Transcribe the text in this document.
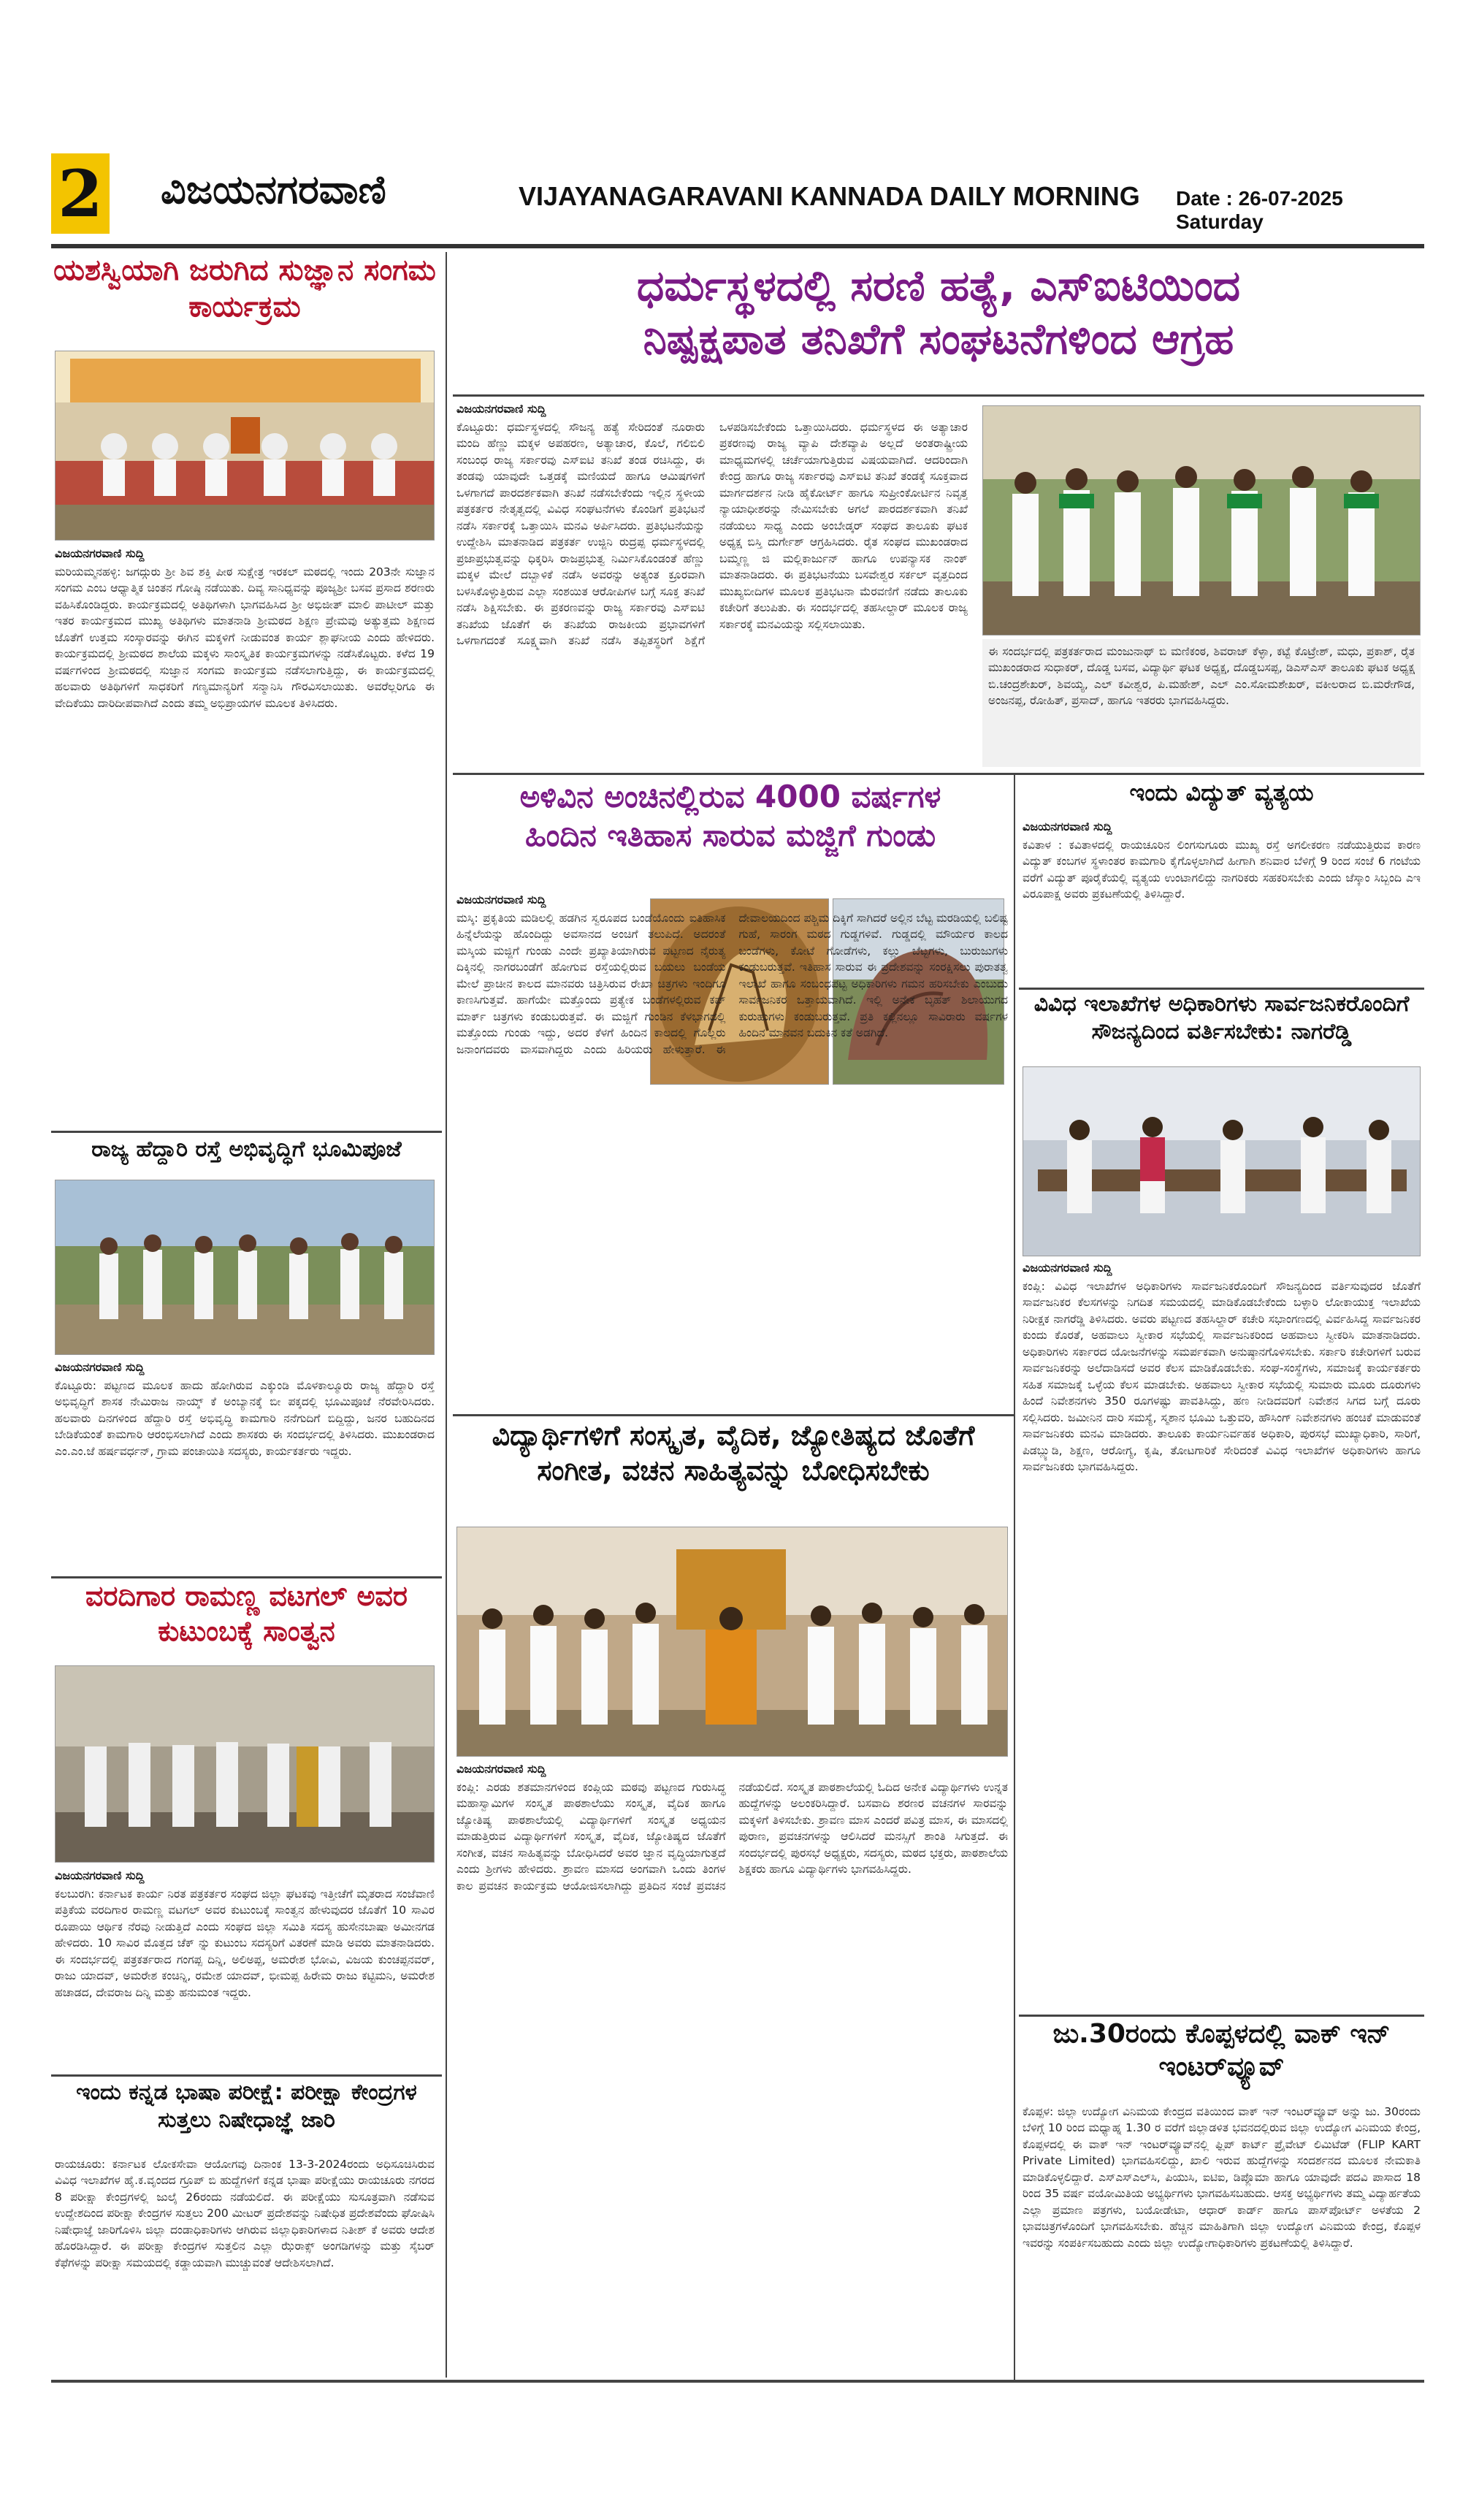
2 ವಿಜಯನಗರವಾಣಿ	VIJAYANAGARAVANI KANNADA DAILY MORNING Date : 26-07-2025 Saturday
ಧರ್ಮಸ್ಥಳದಲ್ಲಿ ಸರಣಿ ಹತ್ಯೆ, ಎಸ್‌ಐಟಿಯಿಂದ
ನಿಷ್ಪಕ್ಷಪಾತ ತನಿಖೆಗೆ ಸಂಘಟನೆಗಳಿಂದ ಆಗ್ರಹ
ಯಶಸ್ವಿಯಾಗಿ ಜರುಗಿದ ಸುಜ್ಞಾನ ಸಂಗಮ ಕಾರ್ಯಕ್ರಮ
ವಿಜಯನಗರವಾಣಿ ಸುದ್ದಿ
ಮರಿಯಮ್ಮನಹಳ್ಳಿ: ಜಗದ್ಗುರು ಶ್ರೀ ಶಿವ ಶಕ್ತಿ ಪೀಠ ಸುಕ್ಷೇತ್ರ ಇರಕಲ್ ಮಠದಲ್ಲಿ ಇಂದು 203ನೇ ಸುಜ್ಞಾನ ಸಂಗಮ ಎಂಬ ಆಧ್ಯಾತ್ಮಿಕ ಚಿಂತನ ಗೋಷ್ಠಿ ನಡೆಯಿತು. ದಿವ್ಯ ಸಾನಿಧ್ಯವನ್ನು ಪೂಜ್ಯಶ್ರೀ ಬಸವ ಪ್ರಸಾದ ಶರಣರು ವಹಿಸಿಕೊಂಡಿದ್ದರು. ಕಾರ್ಯಕ್ರಮದಲ್ಲಿ ಅತಿಥಿಗಳಾಗಿ ಭಾಗವಹಿಸಿದ ಶ್ರೀ ಅಭಿಜೀತ್ ಮಾಲಿ ಪಾಟೀಲ್ ಮತ್ತು ಇತರ ಕಾರ್ಯಕ್ರಮದ ಮುಖ್ಯ ಅತಿಥಿಗಳು ಮಾತನಾಡಿ ಶ್ರೀಮಠದ ಶಿಕ್ಷಣ ಪ್ರೇಮವು ಅತ್ಯುತ್ತಮ ಶಿಕ್ಷಣದ ಜೊತೆಗೆ ಉತ್ತಮ ಸಂಸ್ಕಾರವನ್ನು ಈಗಿನ ಮಕ್ಕಳಿಗೆ ನೀಡುವಂತ ಕಾರ್ಯ ಶ್ಲಾಘನೀಯ ಎಂದು ಹೇಳಿದರು. ಕಾರ್ಯಕ್ರಮದಲ್ಲಿ ಶ್ರೀಮಠದ ಶಾಲೆಯ ಮಕ್ಕಳು ಸಾಂಸ್ಕೃತಿಕ ಕಾರ್ಯಕ್ರಮಗಳನ್ನು ನಡೆಸಿಕೊಟ್ಟರು. ಕಳೆದ 19 ವರ್ಷಗಳಿಂದ ಶ್ರೀಮಠದಲ್ಲಿ ಸುಜ್ಞಾನ ಸಂಗಮ ಕಾರ್ಯಕ್ರಮ ನಡೆಸಲಾಗುತ್ತಿದ್ದು, ಈ ಕಾರ್ಯಕ್ರಮದಲ್ಲಿ ಹಲವಾರು ಅತಿಥಿಗಳಿಗೆ ಸಾಧಕರಿಗೆ ಗಣ್ಯಮಾನ್ಯರಿಗೆ ಸನ್ಮಾನಿಸಿ ಗೌರವಿಸಲಾಯಿತು. ಅವರೆಲ್ಲರಿಗೂ ಈ ವೇದಿಕೆಯು ದಾರಿದೀಪವಾಗಿದೆ ಎಂದು ತಮ್ಮ ಅಭಿಪ್ರಾಯಗಳ ಮೂಲಕ ತಿಳಿಸಿದರು.
ರಾಜ್ಯ ಹೆದ್ದಾರಿ ರಸ್ತೆ ಅಭಿವೃದ್ಧಿಗೆ ಭೂಮಿಪೂಜೆ
ವಿಜಯನಗರವಾಣಿ ಸುದ್ದಿ
ಕೊಟ್ಟೂರು: ಪಟ್ಟಣದ ಮೂಲಕ ಹಾದು ಹೋಗಿರುವ ಎಕ್ಕುಂಡಿ ಮೊಳಕಾಲ್ಮೂರು ರಾಜ್ಯ ಹೆದ್ದಾರಿ ರಸ್ತೆ ಅಭಿವೃದ್ಧಿಗೆ ಶಾಸಕ ನೇಮಿರಾಜ ನಾಯ್ಕ್ ಕೆ ಅಂಬ್ಯಾನಕ್ಕೆ ಬೀ ಪಕ್ಕದಲ್ಲಿ ಭೂಮಿಪೂಜೆ ನೆರವೇರಿಸಿದರು. ಹಲವಾರು ದಿನಗಳಿಂದ ಹೆದ್ದಾರಿ ರಸ್ತೆ ಅಭಿವೃದ್ಧಿ ಕಾಮಗಾರಿ ನನೆಗುದಿಗೆ ಬಿದ್ದಿದ್ದು, ಜನರ ಬಹುದಿನದ ಬೇಡಿಕೆಯಂತೆ ಕಾಮಗಾರಿ ಆರಂಭಿಸಲಾಗಿದೆ ಎಂದು ಶಾಸಕರು ಈ ಸಂದರ್ಭದಲ್ಲಿ ತಿಳಿಸಿದರು. ಮುಖಂಡರಾದ ಎಂ.ಎಂ.ಜೆ ಹರ್ಷವರ್ಧನ್, ಗ್ರಾಮ ಪಂಚಾಯಿತಿ ಸದಸ್ಯರು, ಕಾರ್ಯಕರ್ತರು ಇದ್ದರು.
ವರದಿಗಾರ ರಾಮಣ್ಣ ವಟಗಲ್ ಅವರ ಕುಟುಂಬಕ್ಕೆ ಸಾಂತ್ವನ
ವಿಜಯನಗರವಾಣಿ ಸುದ್ದಿ
ಕಲಬುರಗಿ: ಕರ್ನಾಟಕ ಕಾರ್ಯ ನಿರತ ಪತ್ರಕರ್ತರ ಸಂಘದ ಜಿಲ್ಲಾ ಘಟಕವು ಇತ್ತೀಚೆಗೆ ಮೃತರಾದ ಸಂಜೆವಾಣಿ ಪತ್ರಿಕೆಯ ವರದಿಗಾರ ರಾಮಣ್ಣ ವಟಗಲ್ ಅವರ ಕುಟುಂಬಕ್ಕೆ ಸಾಂತ್ವನ ಹೇಳುವುದರ ಜೊತೆಗೆ 10 ಸಾವಿರ ರೂಪಾಯಿ ಆರ್ಥಿಕ ನೆರವು ನೀಡುತ್ತಿದೆ ಎಂದು ಸಂಘದ ಜಿಲ್ಲಾ ಸಮಿತಿ ಸದಸ್ಯ ಹುಸೇನಬಾಷಾ ಅಮೀನಗಡ ಹೇಳಿದರು. 10 ಸಾವಿರ ಮೊತ್ತದ ಚೆಕ್ ನ್ನು ಕುಟುಂಬ ಸದಸ್ಯರಿಗೆ ವಿತರಣೆ ಮಾಡಿ ಅವರು ಮಾತನಾಡಿದರು. ಈ ಸಂದರ್ಭದಲ್ಲಿ ಪತ್ರಕರ್ತರಾದ ಗಂಗಪ್ಪ ದಿನ್ನಿ, ಅಲಿಅಪ್ಪ, ಅಮರೇಶ ಭೋವಿ, ವಿಜಯ ಕುಂಚಪ್ಪನವರ್, ರಾಜು ಯಾದವ್, ಅಮರೇಶ ಕಂಚಿನ್ನಿ, ರಮೇಶ ಯಾದವ್, ಭೀಮಪ್ಪ ಹಿರೇಮ ರಾಜು ಕಟ್ಟಿಮನಿ, ಅಮರೇಶ ಹಚಾಡದ, ದೇವರಾಜ ದಿನ್ನಿ ಮತ್ತು ಹನುಮಂತ ಇದ್ದರು.
ಇಂದು ಕನ್ನಡ ಭಾಷಾ ಪರೀಕ್ಷೆ: ಪರೀಕ್ಷಾ ಕೇಂದ್ರಗಳ ಸುತ್ತಲು ನಿಷೇಧಾಜ್ಞೆ ಜಾರಿ
ರಾಯಚೂರು: ಕರ್ನಾಟಕ ಲೋಕಸೇವಾ ಆಯೋಗವು ದಿನಾಂಕ 13-3-2024ರಂದು ಅಧಿಸೂಚಿಸಿರುವ ವಿವಿಧ ಇಲಾಖೆಗಳ ಹೈ.ಕ.ವೃಂದದ ಗ್ರೂಪ್ ಬಿ ಹುದ್ದೆಗಳಿಗೆ ಕನ್ನಡ ಭಾಷಾ ಪರೀಕ್ಷೆಯು ರಾಯಚೂರು ನಗರದ 8 ಪರೀಕ್ಷಾ ಕೇಂದ್ರಗಳಲ್ಲಿ ಜುಲೈ 26ರಂದು ನಡೆಯಲಿದೆ. ಈ ಪರೀಕ್ಷೆಯು ಸುಸೂತ್ರವಾಗಿ ನಡೆಸುವ ಉದ್ದೇಶದಿಂದ ಪರೀಕ್ಷಾ ಕೇಂದ್ರಗಳ ಸುತ್ತಲು 200 ಮೀಟರ್ ಪ್ರದೇಶವನ್ನು ನಿಷೇಧಿತ ಪ್ರದೇಶವೆಂದು ಘೋಷಿಸಿ ನಿಷೇಧಾಜ್ಞೆ ಜಾರಿಗೊಳಿಸಿ ಜಿಲ್ಲಾ ದಂಡಾಧಿಕಾರಿಗಳು ಆಗಿರುವ ಜಿಲ್ಲಾಧಿಕಾರಿಗಳಾದ ನಿತೀಶ್ ಕೆ ಅವರು ಆದೇಶ ಹೊರಡಿಸಿದ್ದಾರೆ. ಈ ಪರೀಕ್ಷಾ ಕೇಂದ್ರಗಳ ಸುತ್ತಲಿನ ಎಲ್ಲಾ ಝೆರಾಕ್ಸ್ ಅಂಗಡಿಗಳನ್ನು ಮತ್ತು ಸೈಬರ್ ಕೆಫೆಗಳನ್ನು ಪರೀಕ್ಷಾ ಸಮಯದಲ್ಲಿ ಕಡ್ಡಾಯವಾಗಿ ಮುಚ್ಚುವಂತೆ ಆದೇಶಿಸಲಾಗಿದೆ.
ವಿಜಯನಗರವಾಣಿ ಸುದ್ದಿ
ಕೊಟ್ಟೂರು: ಧರ್ಮಸ್ಥಳದಲ್ಲಿ ಸೌಜನ್ಯ ಹತ್ಯೆ ಸೇರಿದಂತೆ ನೂರಾರು ಮಂದಿ ಹೆಣ್ಣು ಮಕ್ಕಳ ಅಪಹರಣ, ಅತ್ಯಾಚಾರ, ಕೊಲೆ, ಗಲಿಬಿಲಿ ಸಂಬಂಧ ರಾಜ್ಯ ಸರ್ಕಾರವು ಎಸ್‌ಐಟಿ ತನಿಖೆ ತಂಡ ರಚಿಸಿದ್ದು, ಈ ತಂಡವು ಯಾವುದೇ ಒತ್ತಡಕ್ಕೆ ಮಣಿಯದೆ ಹಾಗೂ ಆಮಿಷಗಳಿಗೆ ಒಳಗಾಗದೆ ಪಾರದರ್ಶಕವಾಗಿ ತನಿಖೆ ನಡೆಸಬೇಕೆಂದು ಇಲ್ಲಿನ ಸ್ಥಳೀಯ ಪತ್ರಕರ್ತರ ನೇತೃತ್ವದಲ್ಲಿ ವಿವಿಧ ಸಂಘಟನೆಗಳು ಕೊಂಡಿಗೆ ಪ್ರತಿಭಟನೆ ನಡೆಸಿ ಸರ್ಕಾರಕ್ಕೆ ಒತ್ತಾಯಿಸಿ ಮನವಿ ಅರ್ಪಿಸಿದರು. ಪ್ರತಿಭಟನೆಯನ್ನು ಉದ್ದೇಶಿಸಿ ಮಾತನಾಡಿದ ಪತ್ರಕರ್ತ ಉಜ್ಜಿನಿ ರುದ್ರಪ್ಪ ಧರ್ಮಸ್ಥಳದಲ್ಲಿ ಪ್ರಜಾಪ್ರಭುತ್ವವನ್ನು ಧಿಕ್ಕರಿಸಿ ರಾಜಪ್ರಭುತ್ವ ನಿರ್ಮಿಸಿಕೊಂಡಂತೆ ಹೆಣ್ಣು ಮಕ್ಕಳ ಮೇಲೆ ದಬ್ಬಾಳಿಕೆ ನಡೆಸಿ ಅವರನ್ನು ಅತ್ಯಂತ ಕ್ರೂರವಾಗಿ ಬಳಸಿಕೊಳ್ಳುತ್ತಿರುವ ಎಲ್ಲಾ ಸಂಶಯಿತ ಆರೋಪಿಗಳ ಬಗ್ಗೆ ಸೂಕ್ತ ತನಿಖೆ ನಡೆಸಿ ಶಿಕ್ಷಿಸಬೇಕು. ಈ ಪ್ರಕರಣವನ್ನು ರಾಜ್ಯ ಸರ್ಕಾರವು ಎಸ್‌ಐಟಿ ತನಿಖೆಯ ಜೊತೆಗೆ ಈ ತನಿಖೆಯ ರಾಜಕೀಯ ಪ್ರಭಾವಗಳಿಗೆ ಒಳಗಾಗದಂತೆ ಸೂಕ್ಷ್ಮವಾಗಿ ತನಿಖೆ ನಡೆಸಿ ತಪ್ಪಿತಸ್ಥರಿಗೆ ಶಿಕ್ಷೆಗೆ ಒಳಪಡಿಸಬೇಕೆಂದು ಒತ್ತಾಯಿಸಿದರು. ಧರ್ಮಸ್ಥಳದ ಈ ಅತ್ಯಾಚಾರ ಪ್ರಕರಣವು ರಾಜ್ಯ ವ್ಯಾಪಿ ದೇಶವ್ಯಾಪಿ ಅಲ್ಲದೆ ಅಂತರಾಷ್ಟ್ರೀಯ ಮಾಧ್ಯಮಗಳಲ್ಲಿ ಚರ್ಚೆಯಾಗುತ್ತಿರುವ ವಿಷಯವಾಗಿದೆ. ಆದರಿಂದಾಗಿ ಕೇಂದ್ರ ಹಾಗೂ ರಾಜ್ಯ ಸರ್ಕಾರವು ಎಸ್‌ಐಟಿ ತನಿಖೆ ತಂಡಕ್ಕೆ ಸೂಕ್ತವಾದ ಮಾರ್ಗದರ್ಶನ ನೀಡಿ ಹೈಕೋರ್ಟ್ ಹಾಗೂ ಸುಪ್ರೀಂಕೋರ್ಟಿನ ನಿವೃತ್ತ ನ್ಯಾಯಾಧೀಶರನ್ನು ನೇಮಿಸಬೇಕು ಅಗಲೆ ಪಾರದರ್ಶಕವಾಗಿ ತನಿಖೆ ನಡೆಯಲು ಸಾಧ್ಯ ಎಂದು ಅಂಬೇಡ್ಕರ್ ಸಂಘದ ತಾಲೂಕು ಘಟಕ ಅಧ್ಯಕ್ಷ ಬಿಸ್ತಿ ದುರ್ಗೇಶ್ ಆಗ್ರಹಿಸಿದರು. ರೈತ ಸಂಘದ ಮುಖಂಡರಾದ ಬಮ್ಮಣ್ಣ ಜಿ ಮಲ್ಲಿಕಾರ್ಜುನ್ ಹಾಗೂ ಉಪನ್ಯಾಸಕ ನಾಂಕ್ ಮಾತನಾಡಿದರು. ಈ ಪ್ರತಿಭಟನೆಯು ಬಸವೇಶ್ವರ ಸರ್ಕಲ್ ವೃತ್ತದಿಂದ ಮುಖ್ಯಬೀದಿಗಳ ಮೂಲಕ ಪ್ರತಿಭಟನಾ ಮೆರವಣಿಗೆ ನಡೆದು ತಾಲೂಕು ಕಚೇರಿಗೆ ತಲುಪಿತು. ಈ ಸಂದರ್ಭದಲ್ಲಿ ತಹಸೀಲ್ದಾರ್ ಮೂಲಕ ರಾಜ್ಯ ಸರ್ಕಾರಕ್ಕೆ ಮನವಿಯನ್ನು ಸಲ್ಲಿಸಲಾಯಿತು.
ಈ ಸಂದರ್ಭದಲ್ಲಿ ಪತ್ರಕರ್ತರಾದ ಮಂಜುನಾಥ್ ಬಿ ಮಣಿಕಂಠ, ಶಿವರಾಜ್ ಕೆಳ್ಳಾ, ಕಟ್ಟೆ ಕೊಟ್ರೇಶ್, ಮಧು, ಪ್ರಕಾಶ್, ರೈತ ಮುಖಂಡರಾದ ಸುಧಾಕರ್, ದೊಡ್ಡ ಬಸವ, ವಿದ್ಯಾರ್ಥಿ ಘಟಕ ಅಧ್ಯಕ್ಷ, ದೊಡ್ಡಬಸಪ್ಪ, ಡಿಎಸ್‌ಎಸ್ ತಾಲೂಕು ಘಟಕ ಅಧ್ಯಕ್ಷ ಬಿ.ಚಂದ್ರಶೇಖರ್, ಶಿವಯ್ಯ, ಎಲ್ ಕವೀಶ್ವರ, ಪಿ.ಮಹೇಶ್, ಎಲ್ ಎಂ.ಸೋಮಶೇಖರ್, ವಕೀಲರಾದ ಬಿ.ಮರೇಗೌಡ, ಅಂಜನಪ್ಪ, ರೋಹಿತ್, ಪ್ರಸಾದ್, ಹಾಗೂ ಇತರರು ಭಾಗವಹಿಸಿದ್ದರು.
ಅಳಿವಿನ ಅಂಚಿನಲ್ಲಿರುವ 4000 ವರ್ಷಗಳ
ಹಿಂದಿನ ಇತಿಹಾಸ ಸಾರುವ ಮಜ್ಜಿಗೆ ಗುಂಡು
ವಿಜಯನಗರವಾಣಿ ಸುದ್ದಿ
ಮಸ್ಕಿ: ಪ್ರಕೃತಿಯ ಮಡಿಲಲ್ಲಿ ಹಡಗಿನ ಸ್ವರೂಪದ ಬಂಡೆಯೊಂದು ಐತಿಹಾಸಿಕ ಹಿನ್ನೆಲೆಯನ್ನು ಹೊಂದಿದ್ದು ಅವಸಾನದ ಅಂಚಿಗೆ ತಲುಪಿದೆ. ಅದರಂತೆ ಮಸ್ಕಿಯ ಮಜ್ಜಿಗೆ ಗುಂಡು ಎಂದೇ ಪ್ರಖ್ಯಾತಿಯಾಗಿರುವ ಪಟ್ಟಣದ ನೈರುತ್ಯ ದಿಕ್ಕಿನಲ್ಲಿ ನಾಗರಬಂಡೆಗೆ ಹೋಗುವ ರಸ್ತೆಯಲ್ಲಿರುವ ಬಯಲು ಬಂಡೆಯ ಮೇಲೆ ಪ್ರಾಚೀನ ಕಾಲದ ಮಾನವರು ಚಿತ್ರಿಸಿರುವ ರೇಖಾ ಚಿತ್ರಗಳು ಇಂದಿಗೂ ಕಾಣಸಿಗುತ್ತವೆ. ಹಾಗೆಯೇ ಮತ್ತೊಂದು ಪ್ರತ್ಯೇಕ ಬಂಡೆಗಳಲ್ಲಿರುವ ಕಪ್ ಮಾರ್ಕ್ ಚಿತ್ರಗಳು ಕಂಡುಬರುತ್ತವೆ. ಈ ಮಜ್ಜಿಗೆ ಗುಂಡಿನ ಕೆಳಭಾಗದಲ್ಲಿ ಮತ್ತೊಂದು ಗುಂಡು ಇದ್ದು, ಅದರ ಕೆಳಗೆ ಹಿಂದಿನ ಕಾಲದಲ್ಲಿ ಗೊಲ್ಲರು ಜನಾಂಗದವರು ವಾಸವಾಗಿದ್ದರು ಎಂದು ಹಿರಿಯರು ಹೇಳುತ್ತಾರೆ. ಈ ದೇವಾಲಯದಿಂದ ಪಶ್ಚಿಮ ದಿಕ್ಕಿಗೆ ಸಾಗಿದರೆ ಅಲ್ಲಿನ ಬೆಟ್ಟ ಮರಡಿಯಲ್ಲಿ ಬಲಿಷ್ಟ ಗುಹೆ, ಸಾರಂಗ ಮಠದ ಗುಡ್ಡಗಳಿವೆ. ಗುಡ್ಡದಲ್ಲಿ ಮೌರ್ಯರ ಕಾಲದ ಬಂಡೆಗಳು, ಕೋಟೆ ಗೋಡೆಗಳು, ಕಲ್ಲು ಬೆಟ್ಟಗಳು, ಬುರುಜುಗಳು ಕಂಡುಬರುತ್ತವೆ. ಇತಿಹಾಸ ಸಾರುವ ಈ ಪ್ರದೇಶವನ್ನು ಸಂರಕ್ಷಿಸಲು ಪುರಾತತ್ವ ಇಲಾಖೆ ಹಾಗೂ ಸಂಬಂಧಪಟ್ಟ ಅಧಿಕಾರಿಗಳು ಗಮನ ಹರಿಸಬೇಕು ಎಂಬುದು ಸಾರ್ವಜನಿಕರ ಒತ್ತಾಯವಾಗಿದೆ. ಇಲ್ಲಿ ಅನೇಕ ಬೃಹತ್ ಶಿಲಾಯುಗದ ಕುರುಹುಗಳು ಕಂಡುಬರುತ್ತವೆ. ಪ್ರತಿ ಕಲ್ಲಿನಲ್ಲೂ ಸಾವಿರಾರು ವರ್ಷಗಳ ಹಿಂದಿನ ಮಾನವನ ಬದುಕಿನ ಕತೆ ಅಡಗಿದೆ.
ಇಂದು ವಿದ್ಯುತ್ ವ್ಯತ್ಯಯ
ವಿಜಯನಗರವಾಣಿ ಸುದ್ದಿ
ಕವಿತಾಳ : ಕವಿತಾಳದಲ್ಲಿ ರಾಯಚೂರಿನ ಲಿಂಗಸುಗೂರು ಮುಖ್ಯ ರಸ್ತೆ ಅಗಲೀಕರಣ ನಡೆಯುತ್ತಿರುವ ಕಾರಣ ವಿದ್ಯುತ್ ಕಂಬಗಳ ಸ್ಥಳಾಂತರ ಕಾಮಗಾರಿ ಕೈಗೊಳ್ಳಲಾಗಿದೆ ಹೀಗಾಗಿ ಶನಿವಾರ ಬೆಳಿಗ್ಗೆ 9 ರಿಂದ ಸಂಜೆ 6 ಗಂಟೆಯ ವರೆಗೆ ವಿದ್ಯುತ್ ಪೂರೈಕೆಯಲ್ಲಿ ವ್ಯತ್ಯಯ ಉಂಟಾಗಲಿದ್ದು ನಾಗರಿಕರು ಸಹಕರಿಸಬೇಕು ಎಂದು ಜೆಸ್ಕಾಂ ಸಿಬ್ಬಂದಿ ಎಇ ವಿರೂಪಾಕ್ಷ ಅವರು ಪ್ರಕಟಣೆಯಲ್ಲಿ ತಿಳಿಸಿದ್ದಾರೆ.
ವಿವಿಧ ಇಲಾಖೆಗಳ ಅಧಿಕಾರಿಗಳು ಸಾರ್ವಜನಿಕರೊಂದಿಗೆ ಸೌಜನ್ಯದಿಂದ ವರ್ತಿಸಬೇಕು: ನಾಗರೆಡ್ಡಿ
ವಿಜಯನಗರವಾಣಿ ಸುದ್ದಿ
ಕಂಪ್ಲಿ: ವಿವಿಧ ಇಲಾಖೆಗಳ ಅಧಿಕಾರಿಗಳು ಸಾರ್ವಜನಿಕರೊಂದಿಗೆ ಸೌಜನ್ಯದಿಂದ ವರ್ತಿಸುವುದರ ಜೊತೆಗೆ ಸಾರ್ವಜನಿಕರ ಕೆಲಸಗಳನ್ನು ನಿಗದಿತ ಸಮಯದಲ್ಲಿ ಮಾಡಿಕೊಡಬೇಕೆಂದು ಬಳ್ಳಾರಿ ಲೋಕಾಯುಕ್ತ ಇಲಾಖೆಯ ನಿರೀಕ್ಷಕ ನಾಗರೆಡ್ಡಿ ತಿಳಿಸಿದರು. ಅವರು ಪಟ್ಟಣದ ತಹಸಿಲ್ದಾರ್ ಕಚೇರಿ ಸಭಾಂಗಣದಲ್ಲಿ ವಿರ್ವಹಿಸಿದ್ದ ಸಾರ್ವಜನಿಕರ ಕುಂದು ಕೊರತೆ, ಅಹವಾಲು ಸ್ವೀಕಾರ ಸಭೆಯಲ್ಲಿ ಸಾರ್ವಜನಿಕರಿಂದ ಅಹವಾಲು ಸ್ವೀಕರಿಸಿ ಮಾತನಾಡಿದರು. ಅಧಿಕಾರಿಗಳು ಸರ್ಕಾರದ ಯೋಜನೆಗಳನ್ನು ಸಮರ್ಪಕವಾಗಿ ಅನುಷ್ಠಾನಗೊಳಿಸಬೇಕು. ಸರ್ಕಾರಿ ಕಚೇರಿಗಳಿಗೆ ಬರುವ ಸಾರ್ವಜನಿಕರನ್ನು ಅಲೆದಾಡಿಸದೆ ಅವರ ಕೆಲಸ ಮಾಡಿಕೊಡಬೇಕು. ಸಂಘ-ಸಂಸ್ಥೆಗಳು, ಸಮಾಜಕ್ಕೆ ಕಾರ್ಯಕರ್ತರು ಸಹಿತ ಸಮಾಜಕ್ಕೆ ಒಳ್ಳೆಯ ಕೆಲಸ ಮಾಡಬೇಕು. ಅಹವಾಲು ಸ್ವೀಕಾರ ಸಭೆಯಲ್ಲಿ ಸುಮಾರು ಮೂರು ದೂರುಗಳು ಹಿಂದೆ ನಿವೇಶನಗಳು 350 ರೂಗಳಷ್ಟು ಪಾವತಿಸಿದ್ದು, ಹಣ ನೀಡಿದವರಿಗೆ ನಿವೇಶನ ಸಿಗದ ಬಗ್ಗೆ ದೂರು ಸಲ್ಲಿಸಿದರು. ಜಮೀನಿನ ದಾರಿ ಸಮಸ್ಯೆ, ಸ್ಮಶಾನ ಭೂಮಿ ಒತ್ತುವರಿ, ಹೌಸಿಂಗ್ ನಿವೇಶನಗಳು ಹಂಚಿಕೆ ಮಾಡುವಂತೆ ಸಾರ್ವಜನಿಕರು ಮನವಿ ಮಾಡಿದರು. ತಾಲೂಕು ಕಾರ್ಯನಿರ್ವಹಕ ಅಧಿಕಾರಿ, ಪುರಸಭೆ ಮುಖ್ಯಾಧಿಕಾರಿ, ಸಾರಿಗೆ, ಪಿಡಬ್ಲ್ಯುಡಿ, ಶಿಕ್ಷಣ, ಆರೋಗ್ಯ, ಕೃಷಿ, ತೋಟಗಾರಿಕೆ ಸೇರಿದಂತೆ ವಿವಿಧ ಇಲಾಖೆಗಳ ಅಧಿಕಾರಿಗಳು ಹಾಗೂ ಸಾರ್ವಜನಿಕರು ಭಾಗವಹಿಸಿದ್ದರು.
ವಿದ್ಯಾರ್ಥಿಗಳಿಗೆ ಸಂಸ್ಕೃತ, ವೈದಿಕ, ಜ್ಯೋತಿಷ್ಯದ ಜೊತೆಗೆ
ಸಂಗೀತ, ವಚನ ಸಾಹಿತ್ಯವನ್ನು ಬೋಧಿಸಬೇಕು
ವಿಜಯನಗರವಾಣಿ ಸುದ್ದಿ
ಕಂಪ್ಲಿ: ಎರಡು ಶತಮಾನಗಳಿಂದ ಕಂಪ್ಲಿಯ ಮಠವು ಪಟ್ಟಣದ ಗುರುಸಿದ್ಧ ಮಹಾಸ್ವಾಮಿಗಳ ಸಂಸ್ಕೃತ ಪಾಠಶಾಲೆಯು ಸಂಸ್ಕೃತ, ವೈದಿಕ ಹಾಗೂ ಜ್ಯೋತಿಷ್ಯ ಪಾಠಶಾಲೆಯಲ್ಲಿ ವಿದ್ಯಾರ್ಥಿಗಳಿಗೆ ಸಂಸ್ಕೃತ ಅಧ್ಯಯನ ಮಾಡುತ್ತಿರುವ ವಿದ್ಯಾರ್ಥಿಗಳಿಗೆ ಸಂಸ್ಕೃತ, ವೈದಿಕ, ಜ್ಯೋತಿಷ್ಯದ ಜೊತೆಗೆ ಸಂಗೀತ, ವಚನ ಸಾಹಿತ್ಯವನ್ನು ಬೋಧಿಸಿದರೆ ಅವರ ಜ್ಞಾನ ವೃದ್ಧಿಯಾಗುತ್ತದೆ ಎಂದು ಶ್ರೀಗಳು ಹೇಳಿದರು. ಶ್ರಾವಣ ಮಾಸದ ಅಂಗವಾಗಿ ಒಂದು ತಿಂಗಳ ಕಾಲ ಪ್ರವಚನ ಕಾರ್ಯಕ್ರಮ ಆಯೋಜಿಸಲಾಗಿದ್ದು ಪ್ರತಿದಿನ ಸಂಜೆ ಪ್ರವಚನ ನಡೆಯಲಿದೆ. ಸಂಸ್ಕೃತ ಪಾಠಶಾಲೆಯಲ್ಲಿ ಓದಿದ ಅನೇಕ ವಿದ್ಯಾರ್ಥಿಗಳು ಉನ್ನತ ಹುದ್ದೆಗಳನ್ನು ಅಲಂಕರಿಸಿದ್ದಾರೆ. ಬಸವಾದಿ ಶರಣರ ವಚನಗಳ ಸಾರವನ್ನು ಮಕ್ಕಳಿಗೆ ತಿಳಿಸಬೇಕು. ಶ್ರಾವಣ ಮಾಸ ಎಂದರೆ ಪವಿತ್ರ ಮಾಸ, ಈ ಮಾಸದಲ್ಲಿ ಪುರಾಣ, ಪ್ರವಚನಗಳನ್ನು ಆಲಿಸಿದರೆ ಮನಸ್ಸಿಗೆ ಶಾಂತಿ ಸಿಗುತ್ತದೆ. ಈ ಸಂದರ್ಭದಲ್ಲಿ ಪುರಸಭೆ ಅಧ್ಯಕ್ಷರು, ಸದಸ್ಯರು, ಮಠದ ಭಕ್ತರು, ಪಾಠಶಾಲೆಯ ಶಿಕ್ಷಕರು ಹಾಗೂ ವಿದ್ಯಾರ್ಥಿಗಳು ಭಾಗವಹಿಸಿದ್ದರು.
ಜು.30ರಂದು ಕೊಪ್ಪಳದಲ್ಲಿ ವಾಕ್ ಇನ್ ಇಂಟರ್‌ವ್ಯೂವ್
ಕೊಪ್ಪಳ: ಜಿಲ್ಲಾ ಉದ್ಯೋಗ ವಿನಿಮಯ ಕೇಂದ್ರದ ವತಿಯಿಂದ ವಾಕ್ ಇನ್ ಇಂಟರ್‌ವ್ಯೂವ್ ಅನ್ನು ಜು. 30ರಂದು ಬೆಳಿಗ್ಗೆ 10 ರಿಂದ ಮಧ್ಯಾಹ್ನ 1.30 ರ ವರೆಗೆ ಜಿಲ್ಲಾಡಳಿತ ಭವನದಲ್ಲಿರುವ ಜಿಲ್ಲಾ ಉದ್ಯೋಗ ವಿನಿಮಯ ಕೇಂದ್ರ, ಕೊಪ್ಪಳದಲ್ಲಿ ಈ ವಾಕ್ ಇನ್ ಇಂಟರ್‌ವ್ಯೂವ್‌ನಲ್ಲಿ ಫ್ಲಿಪ್ ಕಾರ್ಟ್ ಪ್ರೈವೇಟ್ ಲಿಮಿಟೆಡ್ (FLIP KART Private Limited) ಭಾಗವಹಿಸಲಿದ್ದು, ಖಾಲಿ ಇರುವ ಹುದ್ದೆಗಳನ್ನು ಸಂದರ್ಶನದ ಮೂಲಕ ನೇಮಕಾತಿ ಮಾಡಿಕೊಳ್ಳಲಿದ್ದಾರೆ. ಎಸ್‌ಎಸ್‌ಎಲ್‌ಸಿ, ಪಿಯುಸಿ, ಐಟಿಐ, ಡಿಪ್ಲೊಮಾ ಹಾಗೂ ಯಾವುದೇ ಪದವಿ ಪಾಸಾದ 18 ರಿಂದ 35 ವರ್ಷ ವಯೋಮಿತಿಯ ಅಭ್ಯರ್ಥಿಗಳು ಭಾಗವಹಿಸಬಹುದು. ಆಸಕ್ತ ಅಭ್ಯರ್ಥಿಗಳು ತಮ್ಮ ವಿದ್ಯಾರ್ಹತೆಯ ಎಲ್ಲಾ ಪ್ರಮಾಣ ಪತ್ರಗಳು, ಬಯೋಡೇಟಾ, ಆಧಾರ್ ಕಾರ್ಡ್ ಹಾಗೂ ಪಾಸ್‌ಪೋರ್ಟ್ ಅಳತೆಯ 2 ಭಾವಚಿತ್ರಗಳೊಂದಿಗೆ ಭಾಗವಹಿಸಬೇಕು. ಹೆಚ್ಚಿನ ಮಾಹಿತಿಗಾಗಿ ಜಿಲ್ಲಾ ಉದ್ಯೋಗ ವಿನಿಮಯ ಕೇಂದ್ರ, ಕೊಪ್ಪಳ ಇವರನ್ನು ಸಂಪರ್ಕಿಸಬಹುದು ಎಂದು ಜಿಲ್ಲಾ ಉದ್ಯೋಗಾಧಿಕಾರಿಗಳು ಪ್ರಕಟಣೆಯಲ್ಲಿ ತಿಳಿಸಿದ್ದಾರೆ.
